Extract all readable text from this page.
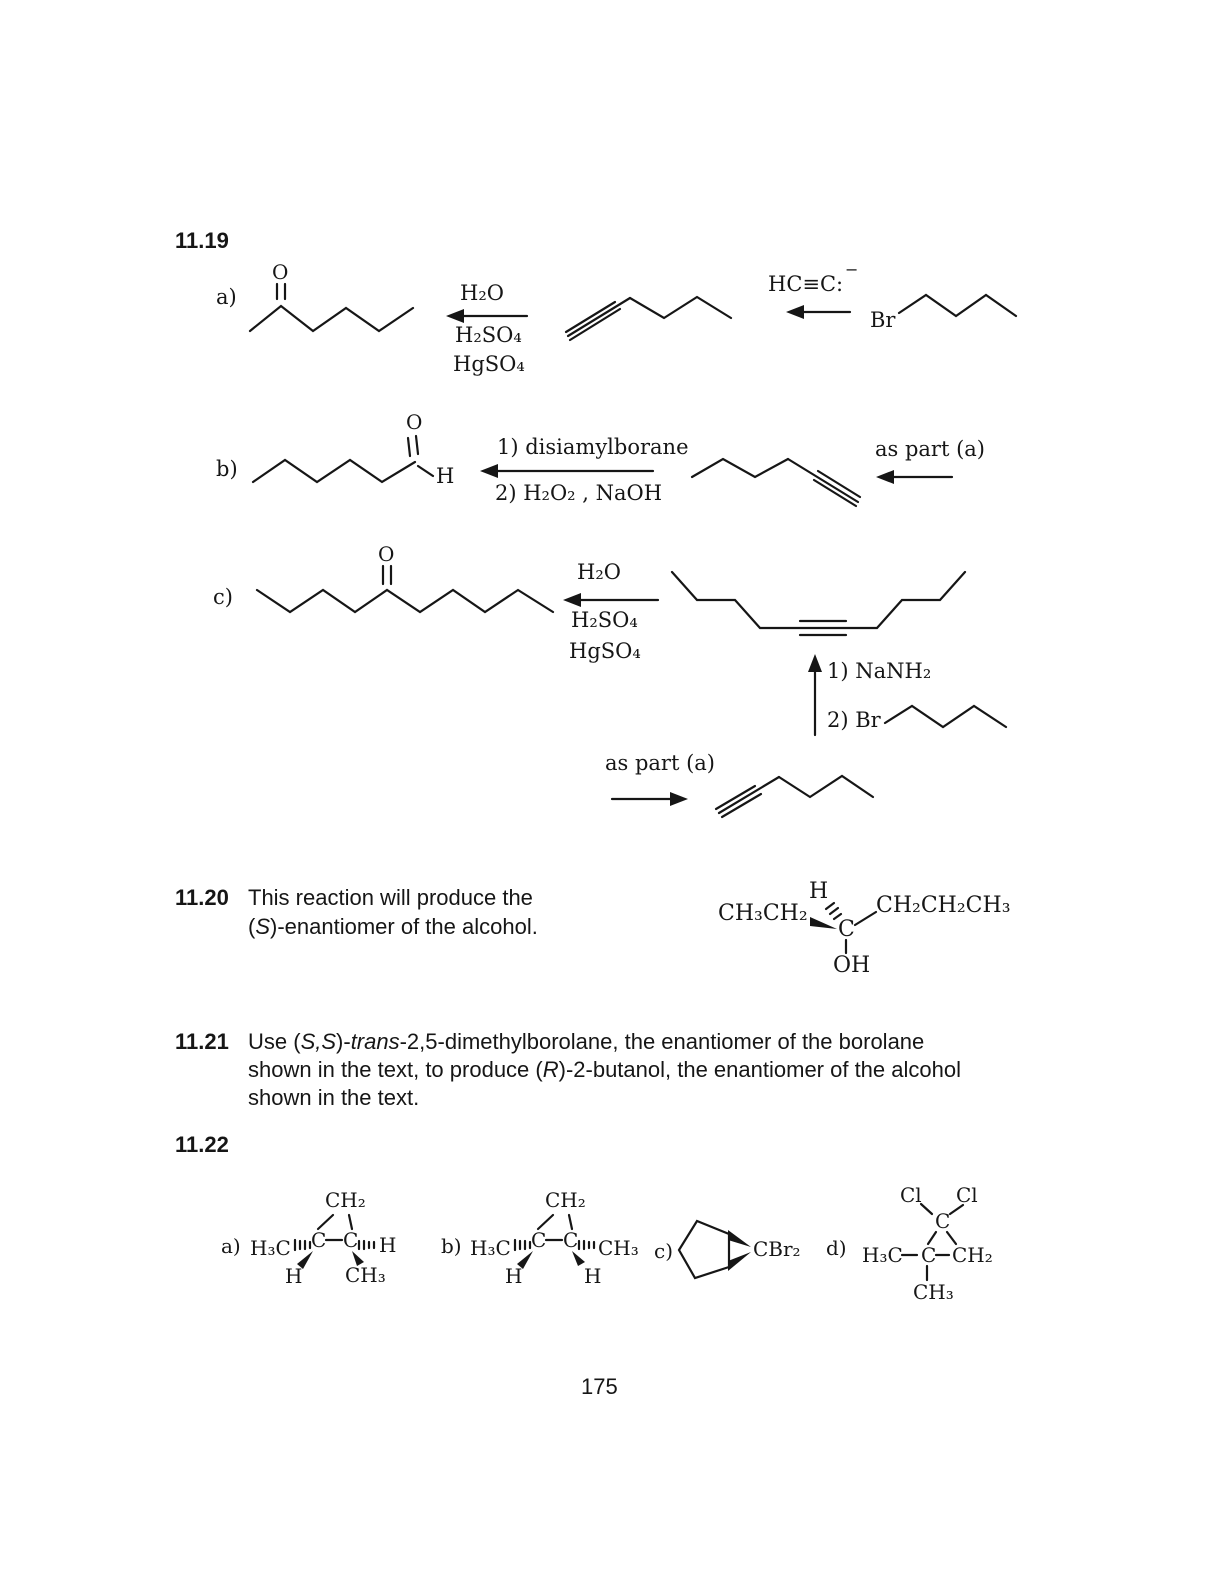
11.19
a)
O
H₂O
H₂SO₄
HgSO₄
HC≡C:
−
Br
b)
O
H
1) disiamylborane
2) H₂O₂ , NaOH
as part (a)
c)
O
H₂O
H₂SO₄
HgSO₄
1) NaNH₂
2) Br
as part (a)
11.20 This reaction will produce the
(S)-enantiomer of the alcohol.
CH₃CH₂
H
C
CH₂CH₂CH₃
OH
11.21 Use (S,S)-trans-2,5-dimethylborolane, the enantiomer of the borolane
shown in the text, to produce (R)-2-butanol, the enantiomer of the alcohol
shown in the text.
11.22
a) H₃C C C
CH₂
H
H CH₃
b) H₃C C C
CH₂
CH₃
H	H
c)	CBr₂ d)
Cl Cl
C
H₃C C CH₂
CH₃
175
